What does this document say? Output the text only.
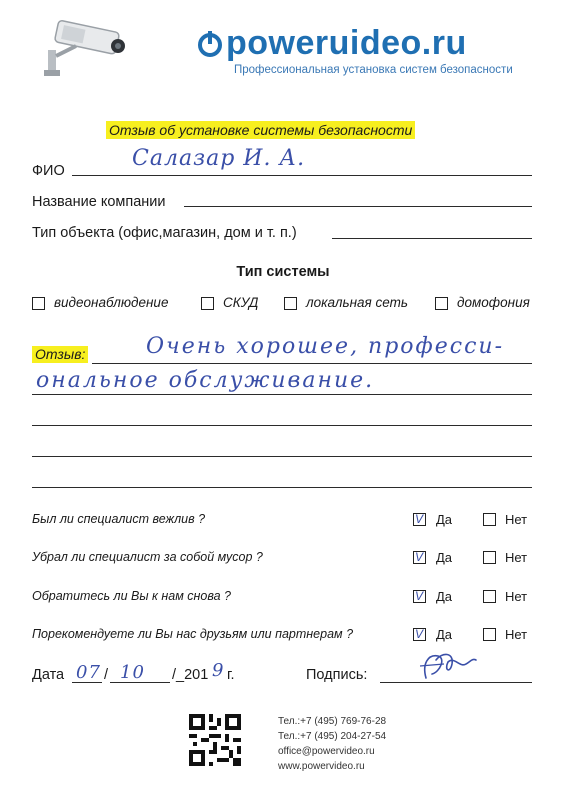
poweruideo.ru
Профессиональная установка систем безопасности
Отзыв об установке системы безопасности
ФИО	Салазар И. А.
Название компании
Тип объекта (офис,магазин, дом и т. п.)
Тип системы
видеонаблюдение	СКУД	локальная сеть	домофония
Отзыв:	Очень хорошее, професси-
ональное обслуживание.
Был ли специалист вежлив ?	V Да	Нет
Убрал ли специалист за собой мусор ?	V Да	Нет
Обратитесь ли Вы к нам снова ?	V Да	Нет
Порекомендуете ли Вы нас друзьям или партнерам ?	V Да	Нет
Дата 07 / 10 /_201 9 г.	Подпись:
Тел.:+7 (495) 769-76-28
Тел.:+7 (495) 204-27-54
office@powervideo.ru
www.powervideo.ru
